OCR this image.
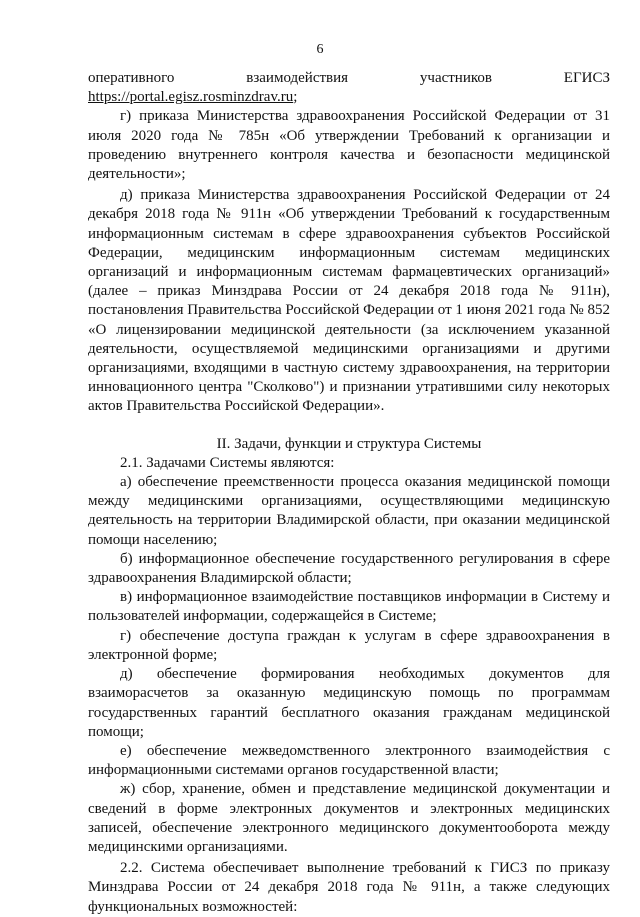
6

оперативного взаимодействия участников ЕГИСЗ

https://portal.egisz.rosminzdrav.ru;

г) приказа Министерства здравоохранения Российской Федерации от 31 июля 2020 года № 785н «Об утверждении Требований к организации и проведению внутреннего контроля качества и безопасности медицинской деятельности»;

д) приказа Министерства здравоохранения Российской Федерации от 24 декабря 2018 года № 911н «Об утверждении Требований к государственным информационным системам в сфере здравоохранения субъектов Российской Федерации, медицинским информационным системам медицинских организаций и информационным системам фармацевтических организаций» (далее – приказ Минздрава России от 24 декабря 2018 года № 911н), постановления Правительства Российской Федерации от 1 июня 2021 года № 852 «О лицензировании медицинской деятельности (за исключением указанной деятельности, осуществляемой медицинскими организациями и другими организациями, входящими в частную систему здравоохранения, на территории инновационного центра "Сколково") и признании утратившими силу некоторых актов Правительства Российской Федерации».

II. Задачи, функции и структура Системы

2.1. Задачами Системы являются:

а) обеспечение преемственности процесса оказания медицинской помощи между медицинскими организациями, осуществляющими медицинскую деятельность на территории Владимирской области, при оказании медицинской помощи населению;

б) информационное обеспечение государственного регулирования в сфере здравоохранения Владимирской области;

в) информационное взаимодействие поставщиков информации в Систему и пользователей информации, содержащейся в Системе;

г) обеспечение доступа граждан к услугам в сфере здравоохранения в электронной форме;

д) обеспечение формирования необходимых документов для взаиморасчетов за оказанную медицинскую помощь по программам государственных гарантий бесплатного оказания гражданам медицинской помощи;

е) обеспечение межведомственного электронного взаимодействия с информационными системами органов государственной власти;

ж) сбор, хранение, обмен и представление медицинской документации и сведений в форме электронных документов и электронных медицинских записей, обеспечение электронного медицинского документооборота между медицинскими организациями.

2.2. Система обеспечивает выполнение требований к ГИСЗ по приказу Минздрава России от 24 декабря 2018 года № 911н, а также следующих функциональных возможностей:
